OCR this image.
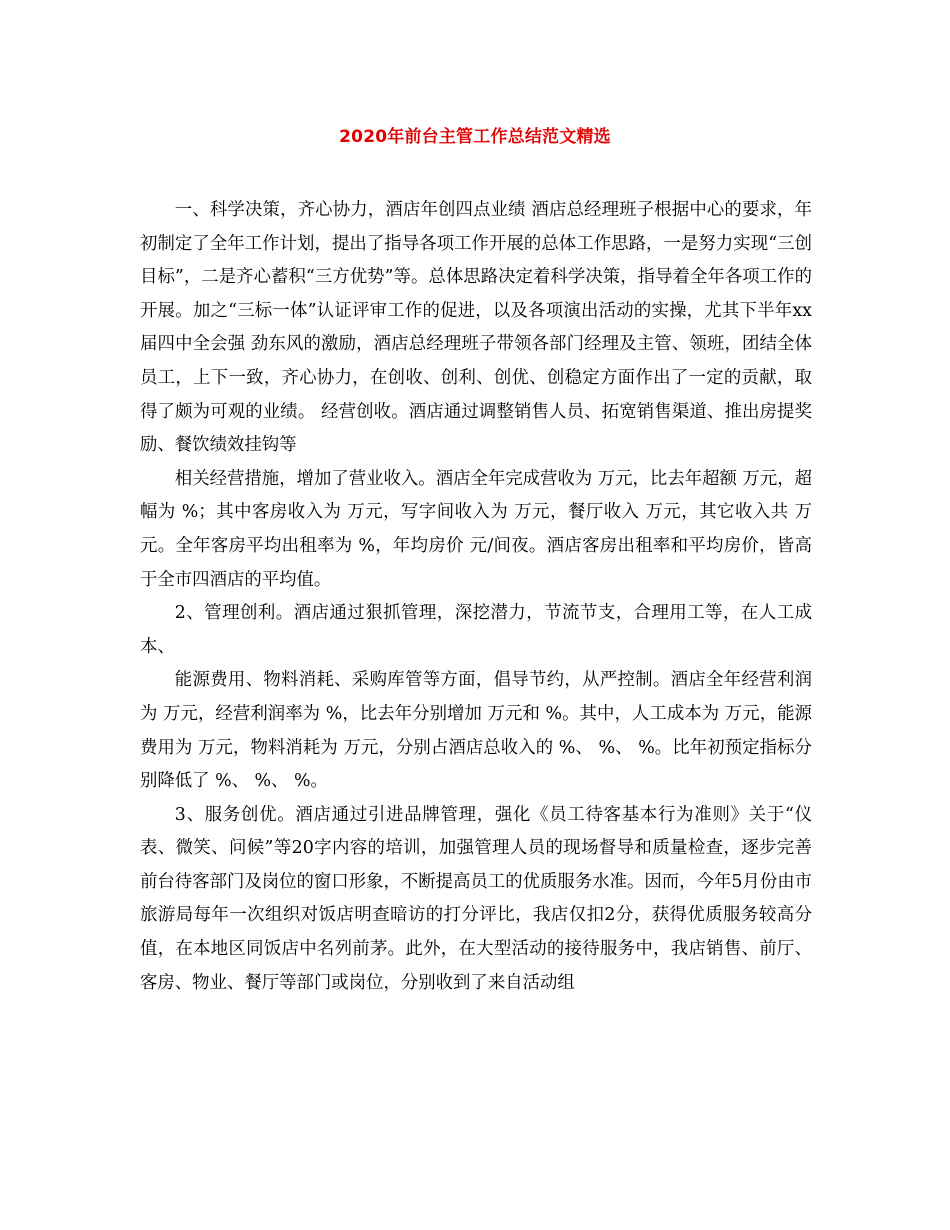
2020年前台主管工作总结范文精选

一、科学决策，齐心协力，酒店年创四点业绩 酒店总经理班子根据中心的要求，年初制定了全年工作计划，提出了指导各项工作开展的总体工作思路，一是努力实现“三创目标”，二是齐心蓄积“三方优势”等。总体思路决定着科学决策，指导着全年各项工作的开展。加之“三标一体”认证评审工作的促进，以及各项演出活动的实操，尤其下半年xx届四中全会强 劲东风的激励，酒店总经理班子带领各部门经理及主管、领班，团结全体员工，上下一致，齐心协力，在创收、创利、创优、创稳定方面作出了一定的贡献，取得了颇为可观的业绩。 经营创收。酒店通过调整销售人员、拓宽销售渠道、推出房提奖励、餐饮绩效挂钩等

相关经营措施，增加了营业收入。酒店全年完成营收为 万元，比去年超额 万元，超幅为 %；其中客房收入为 万元，写字间收入为 万元，餐厅收入 万元，其它收入共 万元。全年客房平均出租率为 %，年均房价 元/间夜。酒店客房出租率和平均房价，皆高于全市四酒店的平均值。

2、管理创利。酒店通过狠抓管理，深挖潜力，节流节支，合理用工等，在人工成本、

能源费用、物料消耗、采购库管等方面，倡导节约，从严控制。酒店全年经营利润为 万元，经营利润率为 %，比去年分别增加 万元和 %。其中，人工成本为 万元，能源费用为 万元，物料消耗为 万元，分别占酒店总收入的 %、 %、 %。比年初预定指标分别降低了 %、 %、 %。

3、服务创优。酒店通过引进品牌管理，强化《员工待客基本行为准则》关于“仪表、微笑、问候”等20字内容的培训，加强管理人员的现场督导和质量检查，逐步完善前台待客部门及岗位的窗口形象，不断提高员工的优质服务水准。因而，今年5月份由市旅游局每年一次组织对饭店明查暗访的打分评比，我店仅扣2分，获得优质服务较高分值，在本地区同饭店中名列前茅。此外，在大型活动的接待服务中，我店销售、前厅、客房、物业、餐厅等部门或岗位，分别收到了来自活动组
